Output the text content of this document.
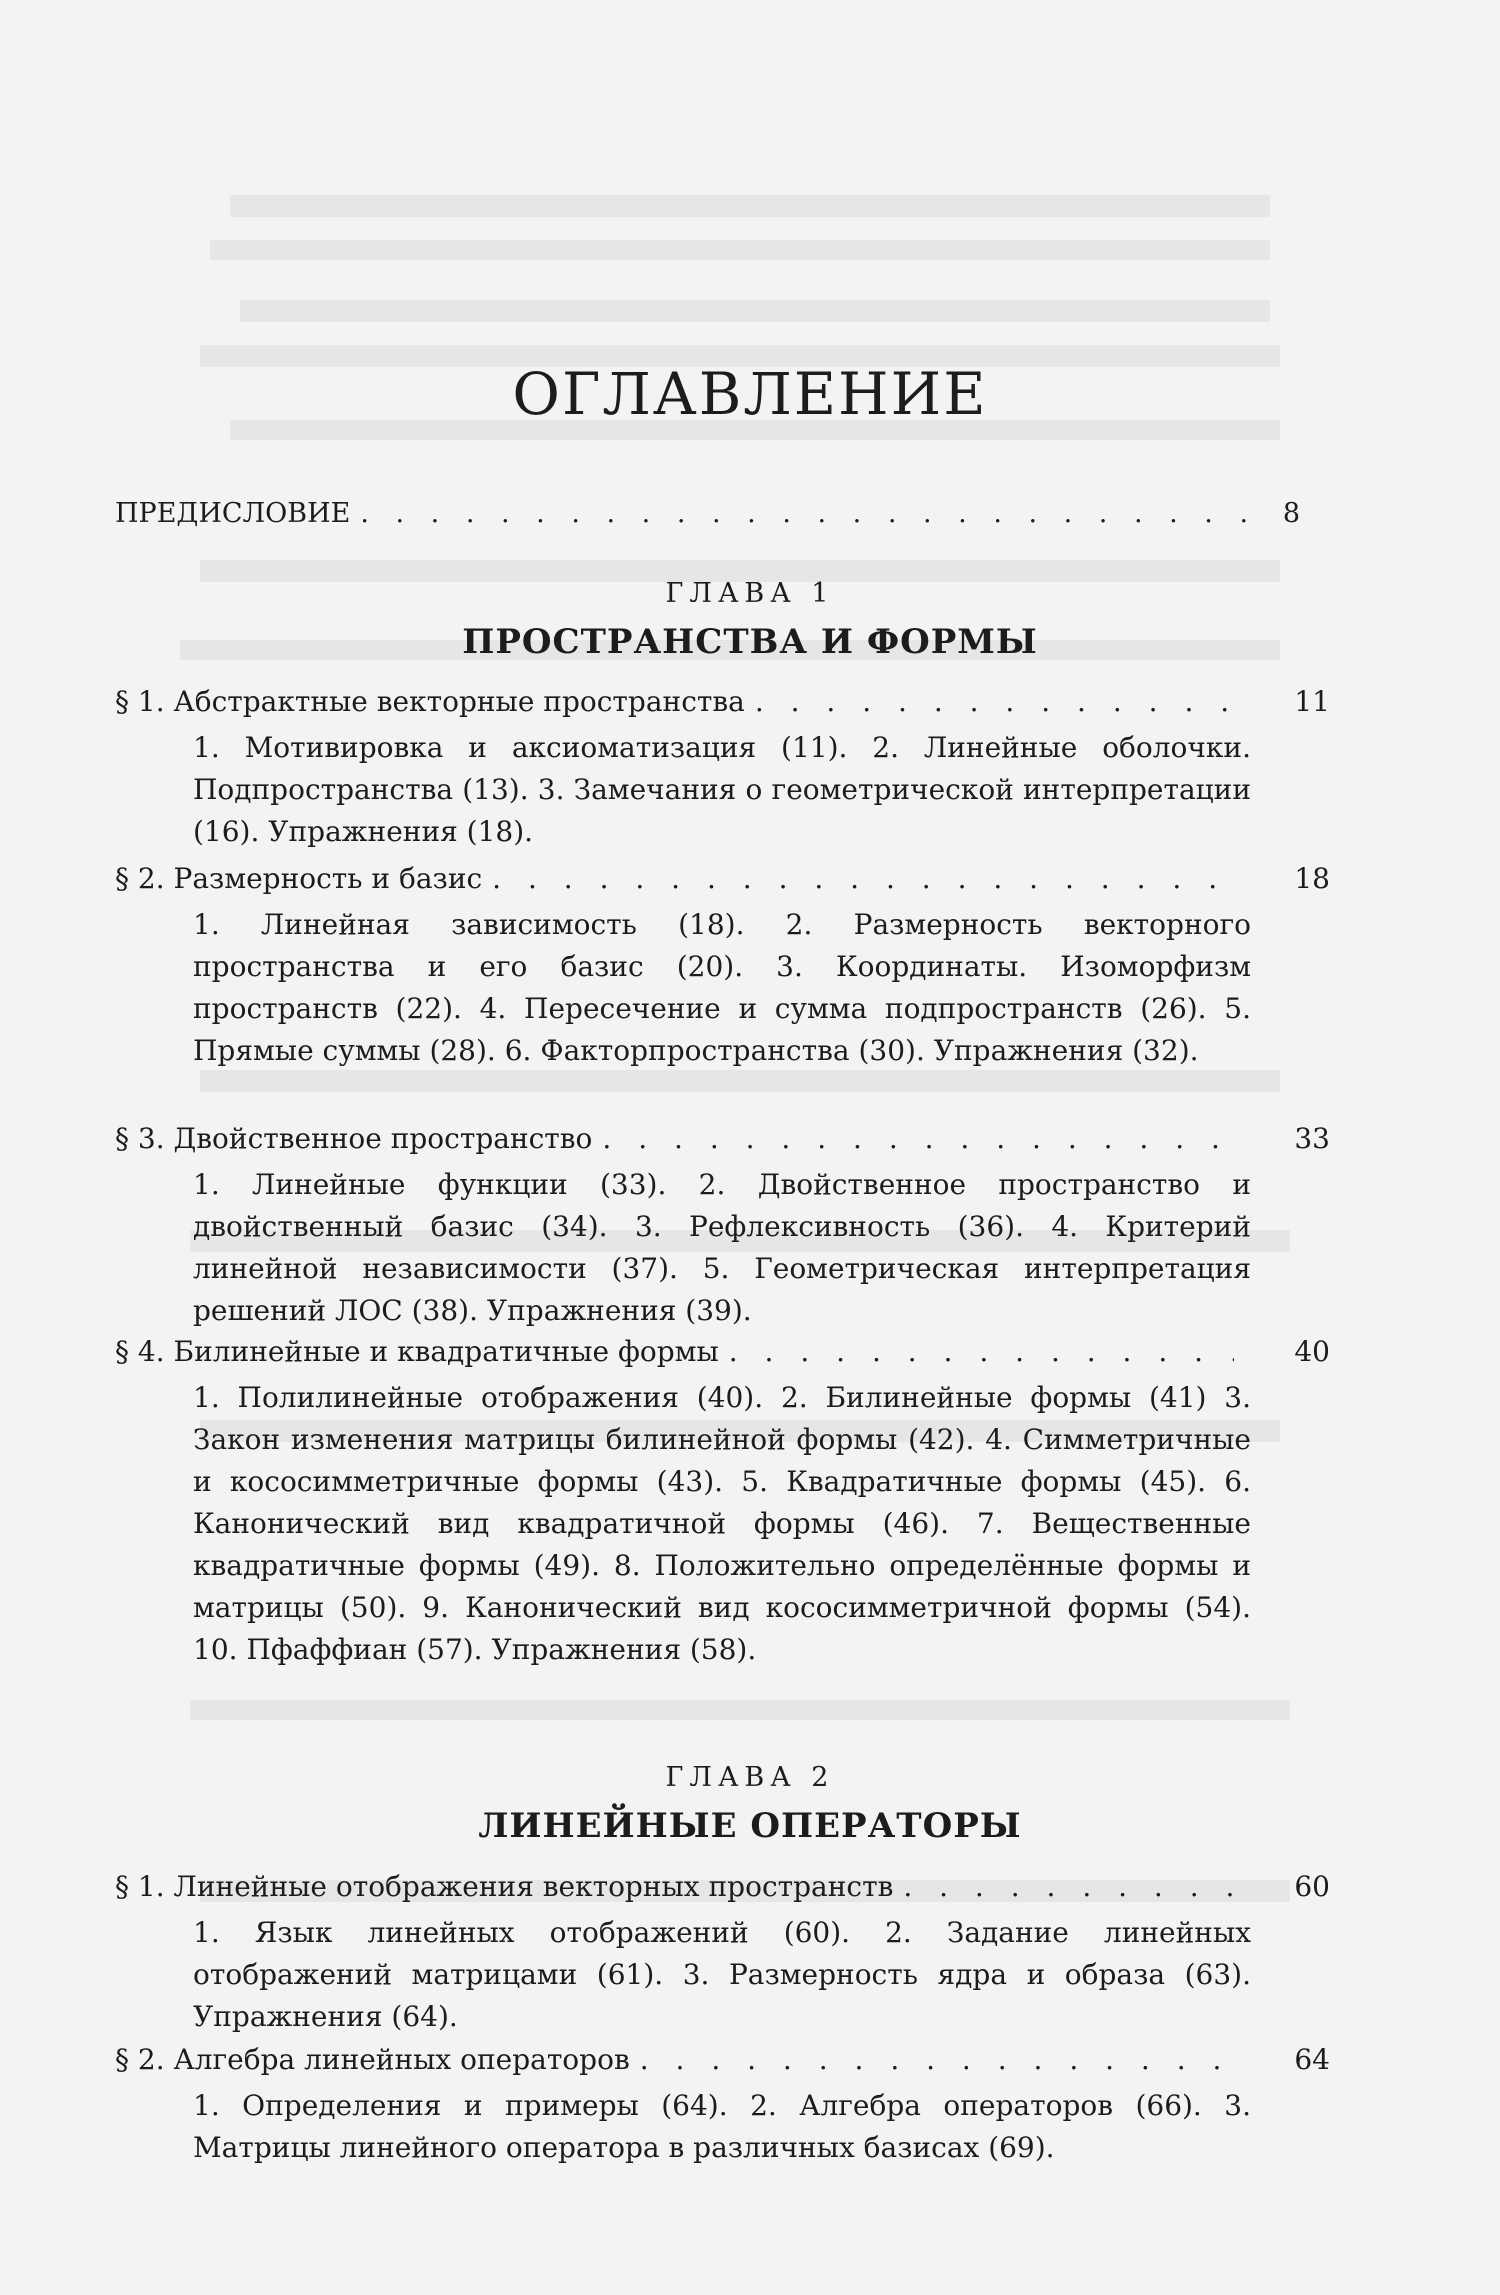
ОГЛАВЛЕНИЕ
ПРЕДИСЛОВИЕ . . .	8
ГЛАВА 1
ПРОСТРАНСТВА И ФОРМЫ
§ 1. Абстрактные векторные пространства . . .	11
1. Мотивировка и аксиоматизация (11). 2. Линейные оболочки. Подпространства (13). 3. Замечания о геометрической интерпретации (16). Упражнения (18).
§ 2. Размерность и базис . . .	18
1. Линейная зависимость (18). 2. Размерность векторного пространства и его базис (20). 3. Координаты. Изоморфизм пространств (22). 4. Пересечение и сумма подпространств (26). 5. Прямые суммы (28). 6. Факторпространства (30). Упражнения (32).
§ 3. Двойственное пространство . . .	33
1. Линейные функции (33). 2. Двойственное пространство и двойственный базис (34). 3. Рефлексивность (36). 4. Критерий линейной независимости (37). 5. Геометрическая интерпретация решений ЛОС (38). Упражнения (39).
§ 4. Билинейные и квадратичные формы . . .	40
1. Полилинейные отображения (40). 2. Билинейные формы (41) 3. Закон изменения матрицы билинейной формы (42). 4. Симметричные и кососимметричные формы (43). 5. Квадратичные формы (45). 6. Канонический вид квадратичной формы (46). 7. Вещественные квадратичные формы (49). 8. Положительно определённые формы и матрицы (50). 9. Канонический вид кососимметричной формы (54). 10. Пфаффиан (57). Упражнения (58).
ГЛАВА 2
ЛИНЕЙНЫЕ ОПЕРАТОРЫ
§ 1. Линейные отображения векторных пространств . . .	60
1. Язык линейных отображений (60). 2. Задание линейных отображений матрицами (61). 3. Размерность ядра и образа (63). Упражнения (64).
§ 2. Алгебра линейных операторов . . .	64
1. Определения и примеры (64). 2. Алгебра операторов (66). 3. Матрицы линейного оператора в различных базисах (69).
